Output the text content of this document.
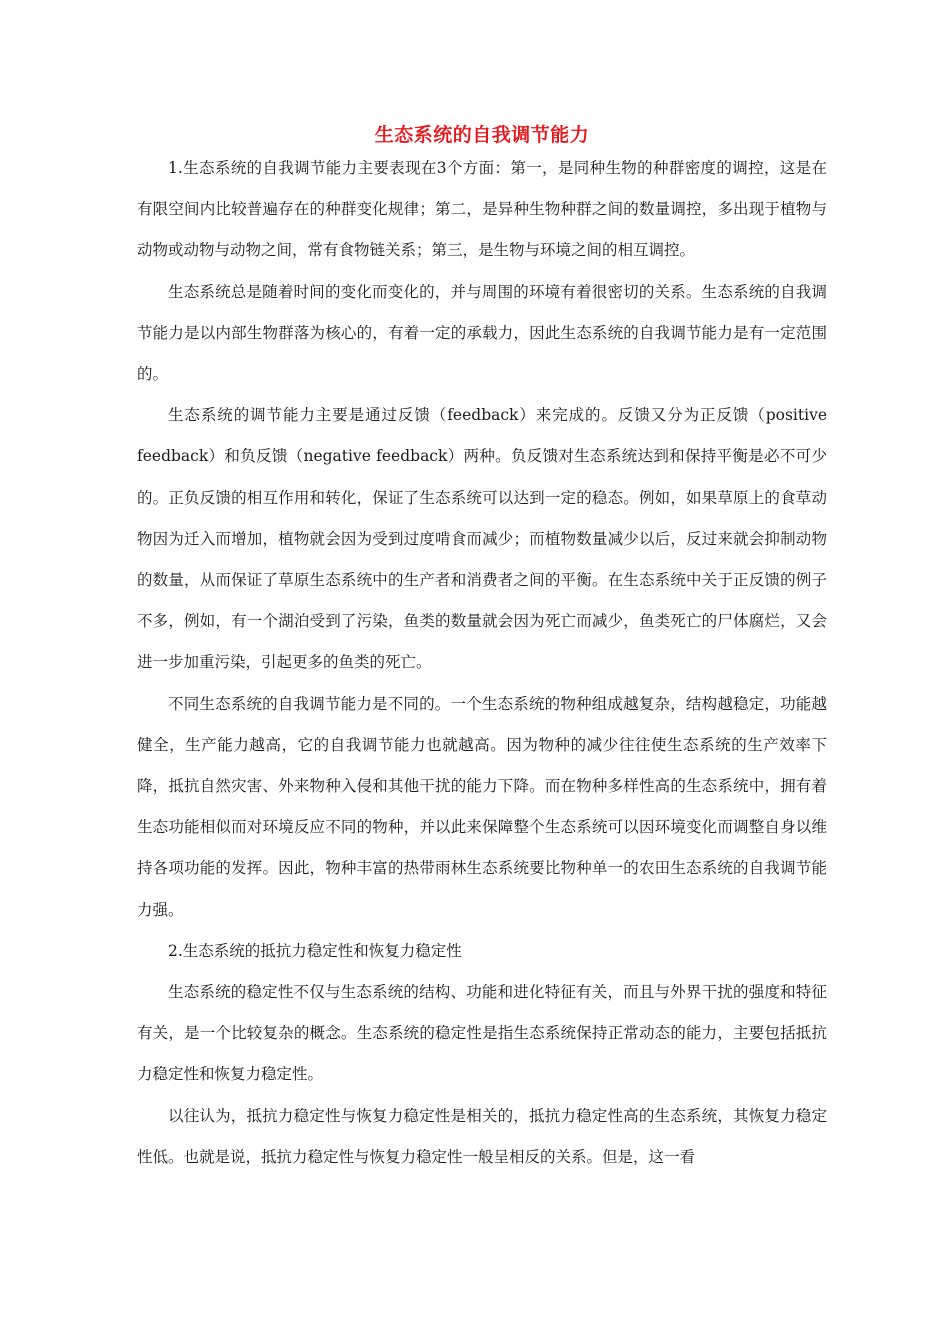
生态系统的自我调节能力

1.生态系统的自我调节能力主要表现在3个方面：第一，是同种生物的种群密度的调控，这是在有限空间内比较普遍存在的种群变化规律；第二，是异种生物种群之间的数量调控，多出现于植物与动物或动物与动物之间，常有食物链关系；第三，是生物与环境之间的相互调控。

生态系统总是随着时间的变化而变化的，并与周围的环境有着很密切的关系。生态系统的自我调节能力是以内部生物群落为核心的，有着一定的承载力，因此生态系统的自我调节能力是有一定范围的。

生态系统的调节能力主要是通过反馈（feedback）来完成的。反馈又分为正反馈（positive feedback）和负反馈（negative feedback）两种。负反馈对生态系统达到和保持平衡是必不可少的。正负反馈的相互作用和转化，保证了生态系统可以达到一定的稳态。例如，如果草原上的食草动物因为迁入而增加，植物就会因为受到过度啃食而减少；而植物数量减少以后，反过来就会抑制动物的数量，从而保证了草原生态系统中的生产者和消费者之间的平衡。在生态系统中关于正反馈的例子不多，例如，有一个湖泊受到了污染，鱼类的数量就会因为死亡而减少，鱼类死亡的尸体腐烂，又会进一步加重污染，引起更多的鱼类的死亡。

不同生态系统的自我调节能力是不同的。一个生态系统的物种组成越复杂，结构越稳定，功能越健全，生产能力越高，它的自我调节能力也就越高。因为物种的减少往往使生态系统的生产效率下降，抵抗自然灾害、外来物种入侵和其他干扰的能力下降。而在物种多样性高的生态系统中，拥有着生态功能相似而对环境反应不同的物种，并以此来保障整个生态系统可以因环境变化而调整自身以维持各项功能的发挥。因此，物种丰富的热带雨林生态系统要比物种单一的农田生态系统的自我调节能力强。

2.生态系统的抵抗力稳定性和恢复力稳定性

生态系统的稳定性不仅与生态系统的结构、功能和进化特征有关，而且与外界干扰的强度和特征有关，是一个比较复杂的概念。生态系统的稳定性是指生态系统保持正常动态的能力，主要包括抵抗力稳定性和恢复力稳定性。

以往认为，抵抗力稳定性与恢复力稳定性是相关的，抵抗力稳定性高的生态系统，其恢复力稳定性低。也就是说，抵抗力稳定性与恢复力稳定性一般呈相反的关系。但是，这一看
